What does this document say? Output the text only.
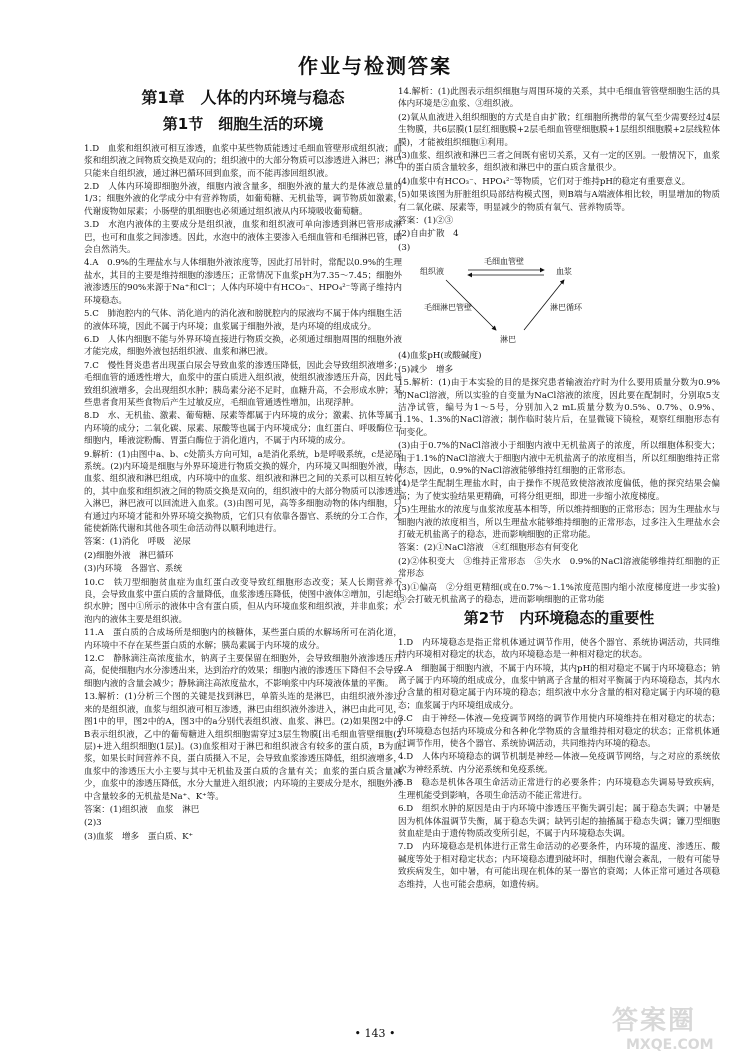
作业与检测答案
第1章　人体的内环境与稳态
第1节　细胞生活的环境

1.D　血浆和组织液可相互渗透，血浆中某些物质能透过毛细血管壁形成组织液；血浆和组织液之间物质交换是双向的；组织液中的大部分物质可以渗透进入淋巴；淋巴只能来自组织液，通过淋巴循环回到血浆，而不能再渗回组织液。

2.D　人体内环境即细胞外液，细胞内液含量多，细胞外液的量大约是体液总量的1/3；细胞外液的化学成分中有营养物质，如葡萄糖、无机盐等，调节物质如激素，代谢废物如尿素；小肠壁的肌细胞也必须通过组织液从内环境吸收葡萄糖。

3.D　水泡内液体的主要成分是组织液，血浆和组织液可单向渗透到淋巴管形成淋巴，也可和血浆之间渗透。因此，水泡中的液体主要渗入毛细血管和毛细淋巴管，即会自然消失。

4.A　0.9%的生理盐水与人体细胞外液浓度等，因此打吊针时，常配以0.9%的生理盐水，其目的主要是维持细胞的渗透压；正常情况下血浆pH为7.35～7.45；细胞外液渗透压的90%来源于Na⁺和Cl⁻；人体内环境中有HCO₃⁻、HPO₄²⁻等离子维持内环境稳态。

5.C　肺泡腔内的气体、消化道内的消化液和膀胱腔内的尿液均不属于体内细胞生活的液体环境，因此不属于内环境；血浆属于细胞外液，是内环境的组成成分。

6.D　人体内细胞不能与外界环境直接进行物质交换，必须通过细胞周围的细胞外液才能完成，细胞外液包括组织液、血浆和淋巴液。

7.C　慢性肾炎患者出现蛋白尿会导致血浆的渗透压降低，因此会导致组织液增多；毛细血管的通透性增大，血浆中的蛋白质进入组织液，使组织液渗透压升高，因此导致组织液增多，会出现组织水肿；胰岛素分泌不足时，血糖升高，不会形成水肿；某些患者食用某些食物后产生过敏反应，毛细血管通透性增加，出现浮肿。

8.D　水、无机盐、激素、葡萄糖、尿素等都属于内环境的成分；激素、抗体等属于内环境的成分；二氧化碳、尿素、尿酸等也属于内环境成分；血红蛋白、呼吸酶位于细胞内，唾液淀粉酶、胃蛋白酶位于消化道内，不属于内环境的成分。

9.解析：(1)由图中a、b、c处箭头方向可知，a是消化系统，b是呼吸系统，c是泌尿系统。(2)内环境是细胞与外界环境进行物质交换的媒介，内环境又叫细胞外液，由血浆、组织液和淋巴组成，内环境中的血浆、组织液和淋巴之间的关系可以相互转化的，其中血浆和组织液之间的物质交换是双向的，组织液中的大部分物质可以渗透进入淋巴，淋巴液可以回流进入血浆。(3)由图可见，高等多细胞动物的体内细胞，只有通过内环境才能和外界环境交换物质，它们只有依靠各器官、系统的分工合作，才能使新陈代谢和其他各项生命活动得以顺利地进行。

答案：(1)消化　呼吸　泌尿

(2)细胞外液　淋巴循环

(3)内环境　各器官、系统

10.C　铁刀型细胞贫血症为血红蛋白改变导致红细胞形态改变；某人长期营养不良，会导致血浆中蛋白质的含量降低，血浆渗透压降低，使图中液体②增加，引起组织水肿；图中①所示的液体中含有蛋白质，但从内环境血浆和组织液，并非血浆；水泡内的液体主要是组织液。

11.A　蛋白质的合成场所是细胞内的核糖体，某些蛋白质的水解场所可在消化道，内环境中不存在某些蛋白质的水解；胰岛素属于内环境的成分。

12.C　静脉滴注高浓度盐水，钠离子主要保留在细胞外，会导致细胞外液渗透压升高，促使细胞内水分渗透出来，达到治疗的效果；细胞内液的渗透压下降但不会导致细胞内液的含量会减少；静脉滴注高浓度盐水，不影响浆中内环境液体量的平衡。

13.解析：(1)分析三个图的关键是找到淋巴，单箭头连的是淋巴，由组织液外渗过来的是组织液，血浆与组织液可相互渗透，淋巴由组织液外渗进入，淋巴由此可见，图1中的甲，图2中的A，图3中的a分别代表组织液、血浆、淋巴。(2)如果图2中的B表示组织液，乙中的葡萄糖进入组织细胞需穿过3层生物膜[出毛细血管壁细胞(2层)+进入组织细胞(1层)]。(3)血浆相对于淋巴和组织液含有较多的蛋白质，B为血浆，如果长时间营养不良，蛋白质摄入不足，会导致血浆渗透压降低，组织液增多，血浆中的渗透压大小主要与其中无机盐及蛋白质的含量有关；血浆的蛋白质含量减少，血浆中的渗透压降低，水分大量进入组织液；内环境的主要成分是水，细胞外液中含量较多的无机盐是Na⁺、K⁺等。

答案：(1)组织液　血浆　淋巴

(2)3

(3)血浆　增多　蛋白质、K⁺

14.解析：(1)此图表示组织细胞与周围环境的关系，其中毛细血管管壁细胞生活的具体内环境是②血浆、③组织液。

(2)氧从血液进入组织细胞的方式是自由扩散；红细胞所携带的氧气至少需要经过4层生物膜，共6层膜(1层红细胞膜+2层毛细血管壁细胞膜+1层组织细胞膜+2层线粒体膜)，才能被组织细胞①利用。

(3)血浆、组织液和淋巴三者之间既有密切关系，又有一定的区别。一般情况下，血浆中的蛋白质含量较多，组织液和淋巴中的蛋白质含量很少。

(4)血浆中有HCO₃⁻、HPO₄²⁻等物质，它们对于维持pH的稳定有重要意义。

(5)如果该图为肝脏组织局部结构模式图，则B端与A端液体相比较，明显增加的物质有二氧化碳、尿素等，明显减少的物质有氧气、营养物质等。

答案：(1)②③

(2)自由扩散　4

(3)

组织液	血浆
淋巴
毛细血管壁
毛细淋巴管壁	淋巴循环

(4)血浆pH(或酸碱度)

(5)减少　增多

15.解析：(1)由于本实验的目的是探究患者输液治疗时为什么要用质量分数为0.9%的NaCl溶液，所以实验的自变量为NaCl溶液的浓度，因此要在配制时，分别取5支洁净试管，编号为1～5号，分别加入2 mL质量分数为0.5%、0.7%、0.9%、1.1%、1.3%的NaCl溶液；制作临时装片后，在显微镜下镜检，观察红细胞形态有何变化。

(3)由于0.7%的NaCl溶液小于细胞内液中无机盐离子的浓度，所以细胞体积变大；由于1.1%的NaCl溶液大于细胞内液中无机盐离子的浓度相当，所以红细胞维持正常形态，因此，0.9%的NaCl溶液能够维持红细胞的正常形态。

(4)是学生配制生理盐水时，由于操作不规范致使溶液浓度偏低，他的探究结果会偏高；为了使实验结果更精确，可将分组更细，即进一步缩小浓度梯度。

(5)生理盐水的浓度与血浆浓度基本相等，所以维持细胞的正常形态；因为生理盐水与细胞内液的浓度相当，所以生理盐水能够维持细胞的正常形态，过多注入生理盐水会打破无机盐离子的稳态，进而影响细胞的正常功能。

答案：(2)①NaCl溶液　④红细胞形态有何变化

(2)②体积变大　③维持正常形态　⑤失水　0.9%的NaCl溶液能够维持红细胞的正常形态

(3)①偏高　②分组更精细(或在0.7%～1.1%浓度范围内缩小浓度梯度进一步实验)　③会打破无机盐离子的稳态，进而影响细胞的正常功能

第2节　内环境稳态的重要性

1.D　内环境稳态是指正常机体通过调节作用，使各个器官、系统协调活动，共同维持内环境相对稳定的状态，故内环境稳态是一种相对稳定的状态。

2.A　细胞属于细胞内液，不属于内环境，其内pH的相对稳定不属于内环境稳态；钠离子属于内环境的组成成分，血浆中钠离子含量的相对平衡属于内环境稳态，其内水分含量的相对稳定属于内环境的稳态；组织液中水分含量的相对稳定属于内环境的稳态；血浆属于内环境组成成分。

3.C　由于神经—体液—免疫调节网络的调节作用使内环境维持在相对稳定的状态；内环境稳态包括内环境成分和各种化学物质的含量维持相对稳定的状态；正常机体通过调节作用，使各个器官、系统协调活动，共同维持内环境的稳态。

4.D　人体内环境稳态的调节机制是神经—体液—免疫调节网络，与之对应的系统依次为神经系统、内分泌系统和免疫系统。

5.B　稳态是机体各项生命活动正常进行的必要条件；内环境稳态失调易导致疾病，生理机能受到影响，各项生命活动不能正常进行。

6.D　组织水肿的原因是由于内环境中渗透压平衡失调引起；属于稳态失调；中暑是因为机体体温调节失衡，属于稳态失调；缺钙引起的抽搐属于稳态失调；镰刀型细胞贫血症是由于遗传物质改变所引起，不属于内环境稳态失调。

7.D　内环境稳态是机体进行正常生命活动的必要条件，内环境的温度、渗透压、酸碱度等处于相对稳定状态；内环境稳态遭到破坏时，细胞代谢会紊乱，一般有可能导致疾病发生，如中暑，有可能出现在机体的某一器官的衰竭；人体正常可通过各项稳态维持，人也可能会患病，如遗传病。

• 143 •	答案圈
MXQE.COM
